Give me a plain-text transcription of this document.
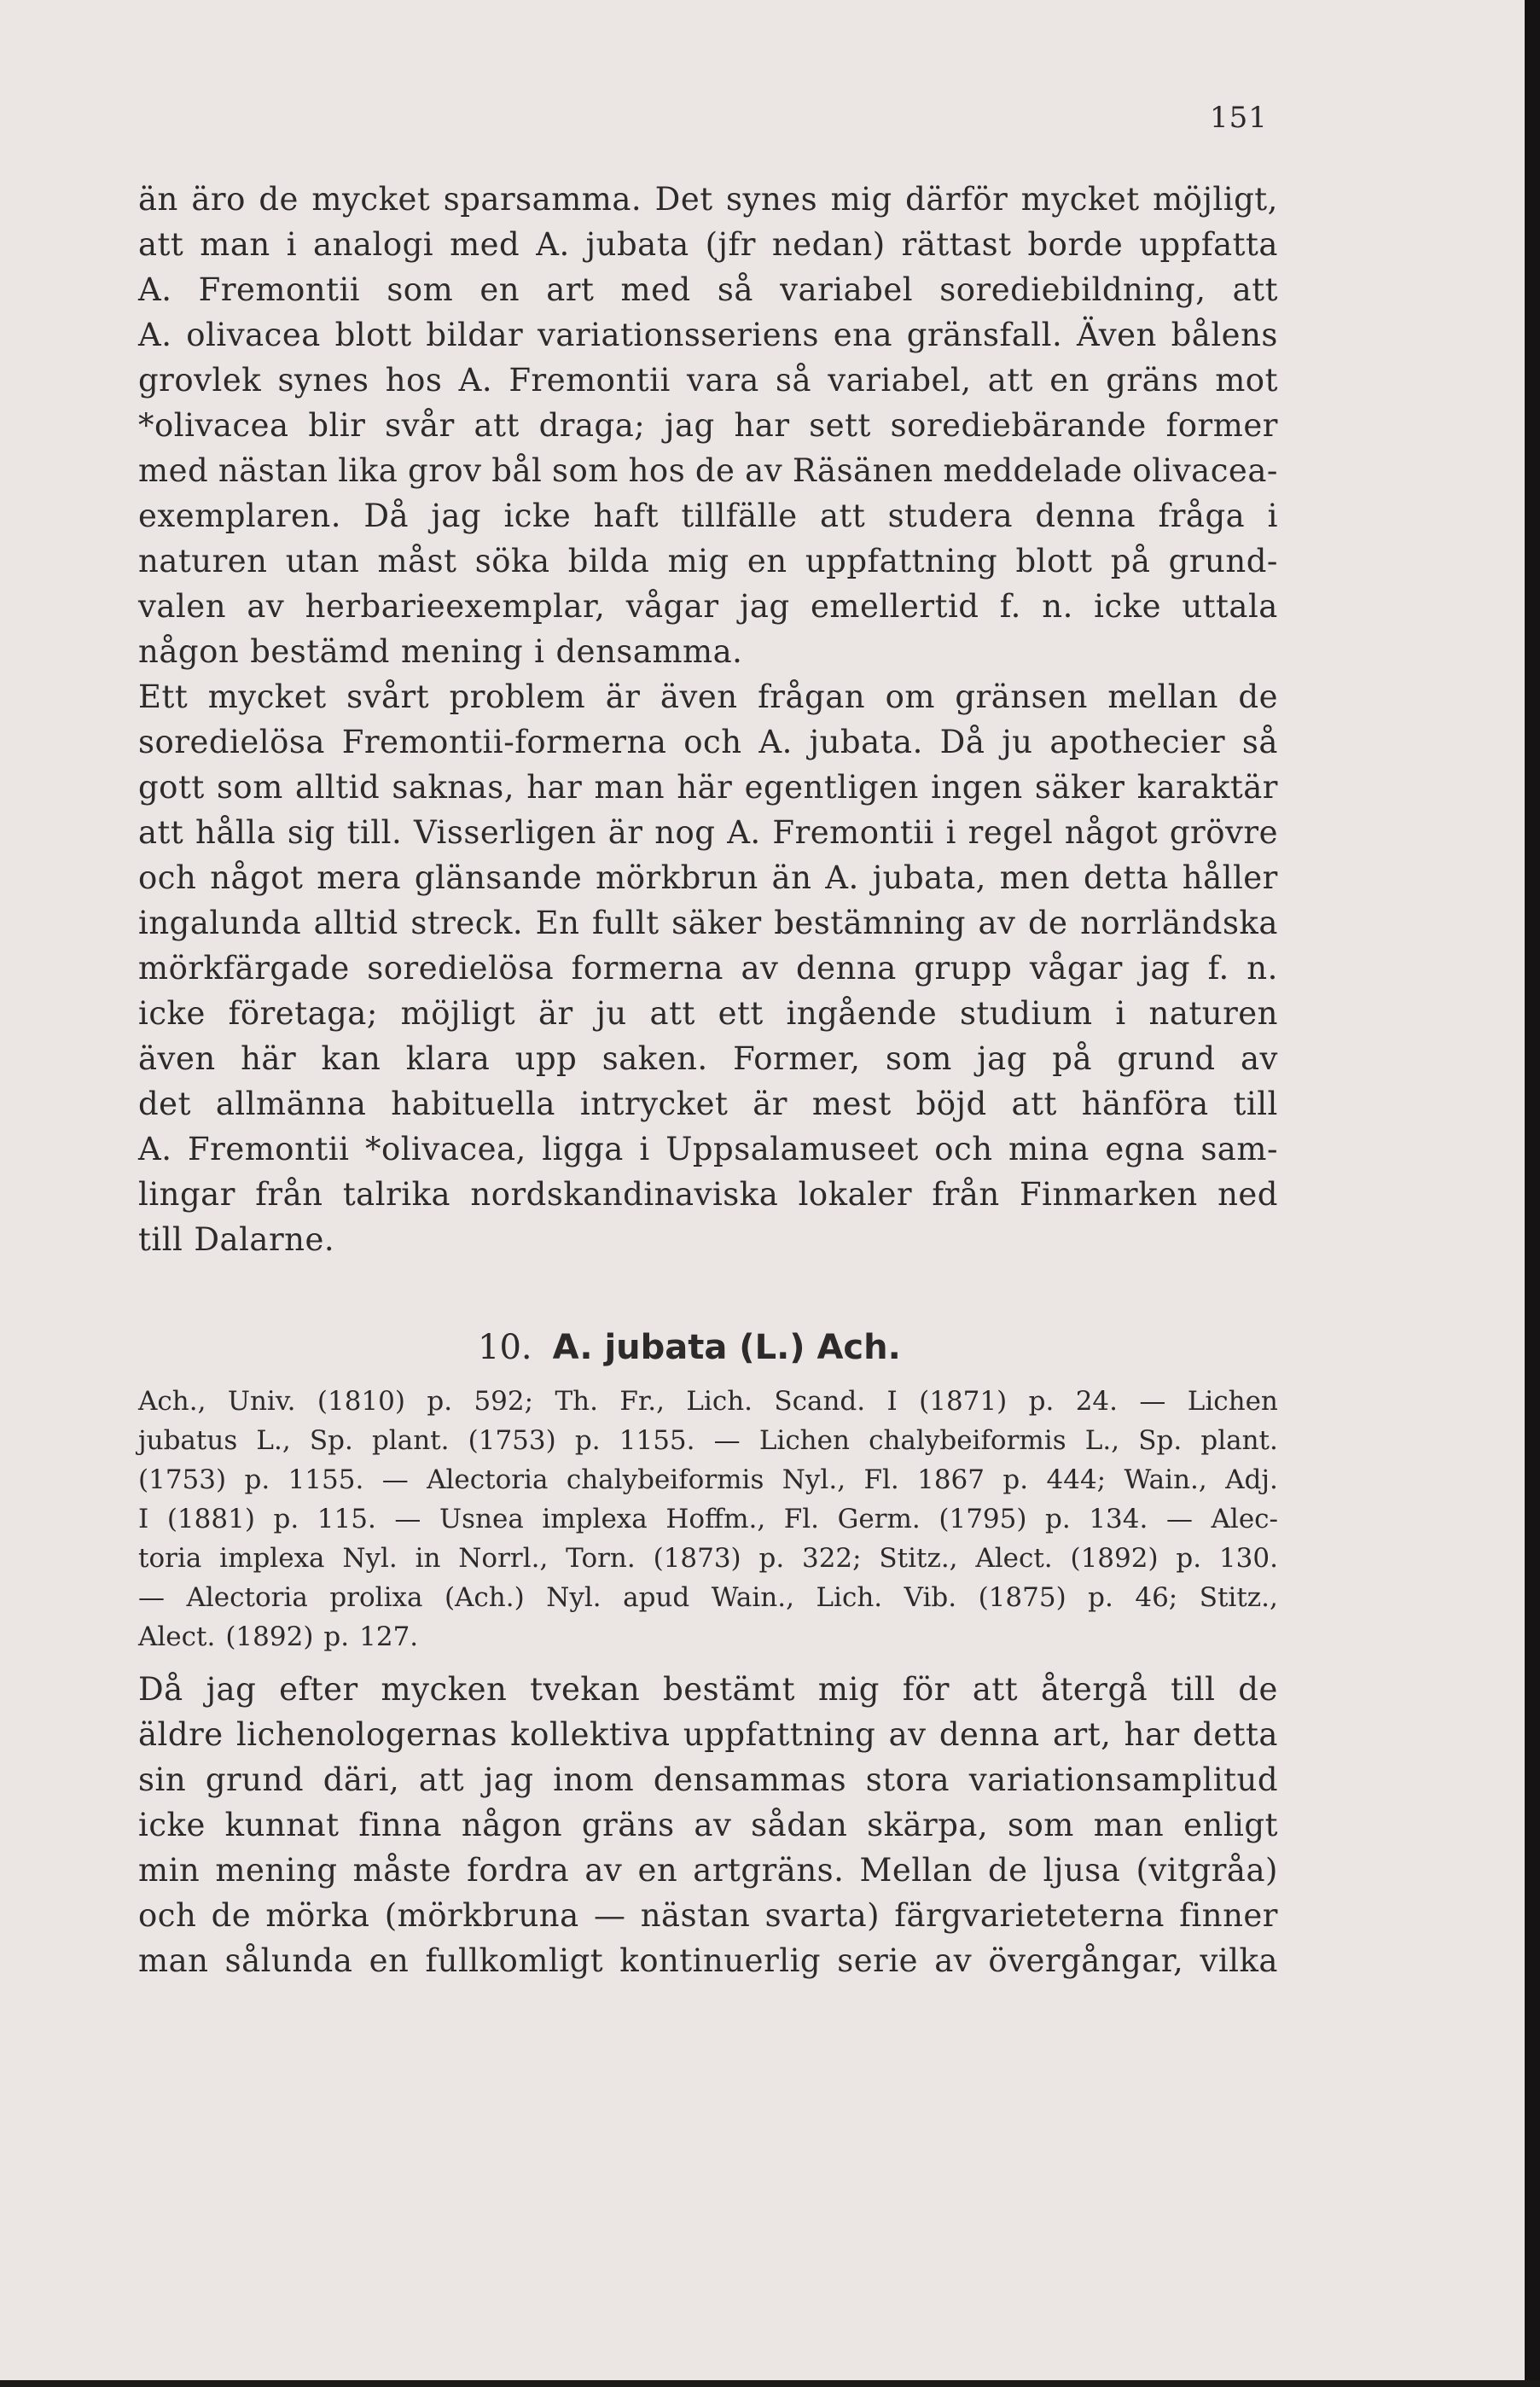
151
än äro de mycket sparsamma. Det synes mig därför mycket möjligt,
att man i analogi med A. jubata (jfr nedan) rättast borde uppfatta
A. Fremontii som en art med så variabel sorediebildning, att
A. olivacea blott bildar variationsseriens ena gränsfall. Även bålens
grovlek synes hos A. Fremontii vara så variabel, att en gräns mot
*olivacea blir svår att draga; jag har sett sorediebärande former
med nästan lika grov bål som hos de av Räsänen meddelade olivacea-
exemplaren. Då jag icke haft tillfälle att studera denna fråga i
naturen utan måst söka bilda mig en uppfattning blott på grund-
valen av herbarieexemplar, vågar jag emellertid f. n. icke uttala
någon bestämd mening i densamma.
Ett mycket svårt problem är även frågan om gränsen mellan de
soredielösa Fremontii-formerna och A. jubata. Då ju apothecier så
gott som alltid saknas, har man här egentligen ingen säker karaktär
att hålla sig till. Visserligen är nog A. Fremontii i regel något grövre
och något mera glänsande mörkbrun än A. jubata, men detta håller
ingalunda alltid streck. En fullt säker bestämning av de norrländska
mörkfärgade soredielösa formerna av denna grupp vågar jag f. n.
icke företaga; möjligt är ju att ett ingående studium i naturen
även här kan klara upp saken. Former, som jag på grund av
det allmänna habituella intrycket är mest böjd att hänföra till
A. Fremontii *olivacea, ligga i Uppsalamuseet och mina egna sam-
lingar från talrika nordskandinaviska lokaler från Finmarken ned
till Dalarne.
10. A. jubata (L.) Ach.
Ach., Univ. (1810) p. 592; Th. Fr., Lich. Scand. I (1871) p. 24. — Lichen
jubatus L., Sp. plant. (1753) p. 1155. — Lichen chalybeiformis L., Sp. plant.
(1753) p. 1155. — Alectoria chalybeiformis Nyl., Fl. 1867 p. 444; Wain., Adj.
I (1881) p. 115. — Usnea implexa Hoffm., Fl. Germ. (1795) p. 134. — Alec-
toria implexa Nyl. in Norrl., Torn. (1873) p. 322; Stitz., Alect. (1892) p. 130.
— Alectoria prolixa (Ach.) Nyl. apud Wain., Lich. Vib. (1875) p. 46; Stitz.,
Alect. (1892) p. 127.
Då jag efter mycken tvekan bestämt mig för att återgå till de
äldre lichenologernas kollektiva uppfattning av denna art, har detta
sin grund däri, att jag inom densammas stora variationsamplitud
icke kunnat finna någon gräns av sådan skärpa, som man enligt
min mening måste fordra av en artgräns. Mellan de ljusa (vitgråa)
och de mörka (mörkbruna — nästan svarta) färgvarieteterna finner
man sålunda en fullkomligt kontinuerlig serie av övergångar, vilka
